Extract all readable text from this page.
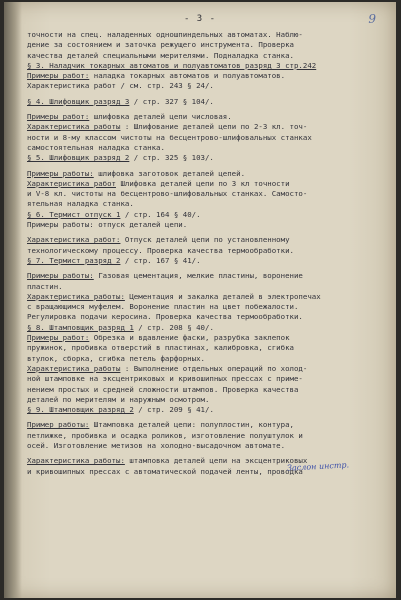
- 3 -	9
точности на спец. наладенных одношпиндельных автоматах. Наблю-
дение за состоянием и заточка режущего инструмента. Проверка
качества деталей специальными мерителями. Подналадка станка.
§ 3. Наладчик токарных автоматов и полуавтоматов разряд 3 стр.242
Примеры работ: наладка токарных автоматов и полуавтоматов.
Характеристика работ / см. стр. 243 § 24/.
§ 4. Шлифовщик разряд 3 / стр. 327 § 104/.
Примеры работ: шлифовка деталей цепи числовая.
Характеристика работы : Шлифование деталей цепи по 2-3 кл. точ-
ности и 8-му классом чистоты на бесцентрово-шлифовальных станках
самостоятельная наладка станка.
§ 5. Шлифовщик разряд 2 / стр. 325 § 103/.
Примеры работы: шлифовка заготовок деталей цепей.
Характеристика работ Шлифовка деталей цепи по 3 кл точности
и V-8 кл. чистоты на бесцентрово-шлифовальных станках. Самосто-
ятельная наладка станка.
§ 6. Термист отпуск 1 / стр. 164 § 40/.
Примеры работы: отпуск деталей цепи.
Характеристика работ: Отпуск деталей цепи по установленному
технологическому процессу. Проверка качества термообработки.
§ 7. Термист разряд 2 / стр. 167 § 41/.
Примеры работы: Газовая цементация, мелкие пластины, воронение
пластин.
Характеристика работы: Цементация и закалка деталей в электропечах
с вращающимся муфелем. Воронение пластин на цвет побежалости.
Регулировка подачи керосина. Проверка качества термообработки.
§ 8. Штамповщик разряд 1 / стр. 208 § 40/.
Примеры работ: Обрезка и вдавление фаски, разрубка заклепок
пружинок, пробивка отверстий в пластинах, калибровка, сгибка
втулок, сборка, сгибка петель фарфорных.
Характеристика работы : Выполнение отдельных операций по холод-
ной штамповке на эксцентриковых и кривошипных прессах с приме-
нением простых и средней сложности штампов. Проверка качества
деталей по мерителям и наружным осмотром.
§ 9. Штамповщик разряд 2 / стр. 209 § 41/.
Пример работы: Штамповка деталей цепи: полуплостин, контура,
петлижке, пробивка и осадка роликов, изготовление полуштулок и
осей. Изготовление метизов на холодно-высадочном автомате.
Характеристика работы: штамповка деталей цепи на эксцентриковых
и кривошипных прессах с автоматической подачей ленты, проводка
Заслон инстр.
